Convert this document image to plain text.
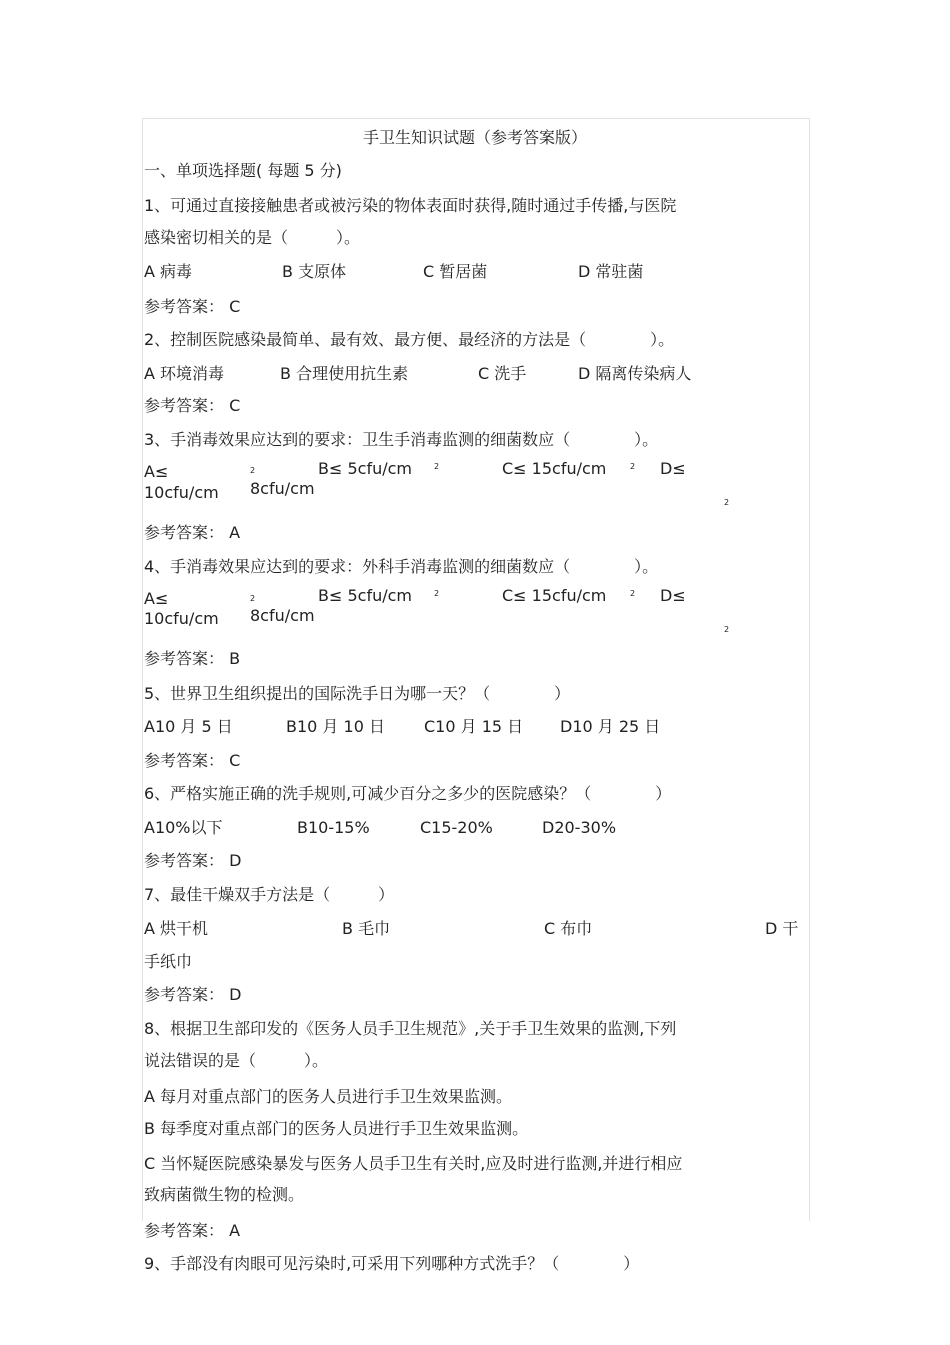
手卫生知识试题（参考答案版）
一、单项选择题( 每题 5 分)
1、可通过直接接触患者或被污染的物体表面时获得,随时通过手传播,与医院
感染密切相关的是（　　　）。
A 病毒	B 支原体	C 暂居菌	D 常驻菌
参考答案： C
2、控制医院感染最简单、最有效、最方便、最经济的方法是（　　　　）。
A 环境消毒	B 合理使用抗生素	C 洗手	D 隔离传染病人
参考答案： C
3、手消毒效果应达到的要求：卫生手消毒监测的细菌数应（　　　　）。
A≤
10cfu/cm
2
8cfu/cm
B≤ 5cfu/cm	2	C≤ 15cfu/cm	2 D≤
2
参考答案： A
4、手消毒效果应达到的要求：外科手消毒监测的细菌数应（　　　　）。
A≤
10cfu/cm
2
8cfu/cm
B≤ 5cfu/cm	2	C≤ 15cfu/cm	2 D≤
2
参考答案： B
5、世界卫生组织提出的国际洗手日为哪一天？（　　　　）
A10 月 5 日	B10 月 10 日 C10 月 15 日 D10 月 25 日
参考答案： C
6、严格实施正确的洗手规则,可减少百分之多少的医院感染？（　　　　）
A10%以下	B10-15%	C15-20%	D20-30%
参考答案： D
7、最佳干燥双手方法是（　　　）
A 烘干机	B 毛巾	C 布巾	D 干
手纸巾
参考答案： D
8、根据卫生部印发的《医务人员手卫生规范》,关于手卫生效果的监测,下列
说法错误的是（　　　）。
A 每月对重点部门的医务人员进行手卫生效果监测。
B 每季度对重点部门的医务人员进行手卫生效果监测。
C 当怀疑医院感染暴发与医务人员手卫生有关时,应及时进行监测,并进行相应
致病菌微生物的检测。
参考答案： A
9、手部没有肉眼可见污染时,可采用下列哪种方式洗手？（　　　　）
